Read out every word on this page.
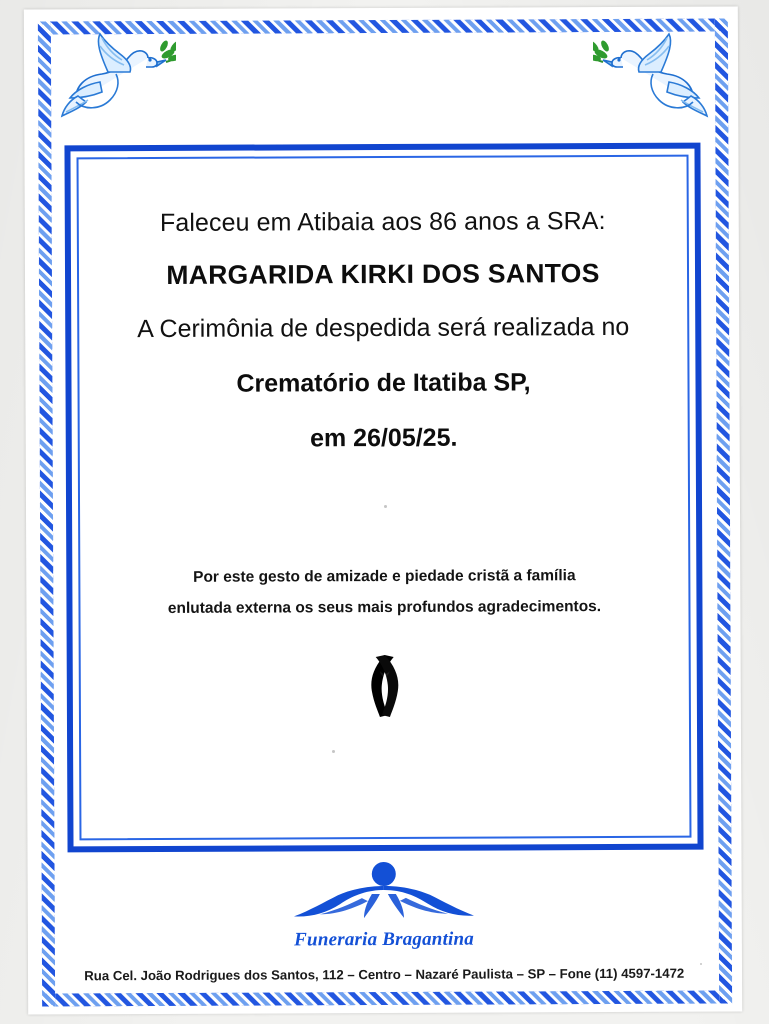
Faleceu em Atibaia aos 86 anos a SRA:
MARGARIDA KIRKI DOS SANTOS
A Cerimônia de despedida será realizada no
Crematório de Itatiba SP,
em 26/05/25.
Por este gesto de amizade e piedade cristã a família
enlutada externa os seus mais profundos agradecimentos.
Funeraria Bragantina
Rua Cel. João Rodrigues dos Santos, 112 – Centro – Nazaré Paulista – SP – Fone (11) 4597-1472
